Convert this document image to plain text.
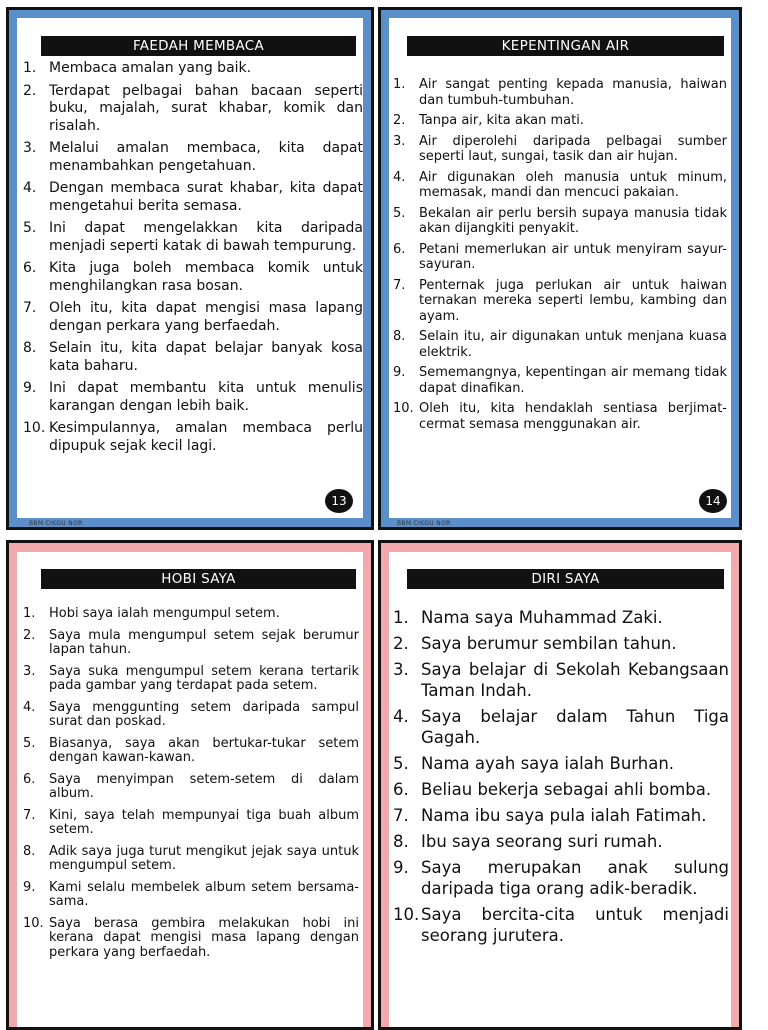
FAEDAH MEMBACA
1. Membaca amalan yang baik.
2. Terdapat pelbagai bahan bacaan seperti buku, majalah, surat khabar, komik dan risalah.
3. Melalui amalan membaca, kita dapat menambahkan pengetahuan.
4. Dengan membaca surat khabar, kita dapat mengetahui berita semasa.
5. Ini dapat mengelakkan kita daripada menjadi seperti katak di bawah tempurung.
6. Kita juga boleh membaca komik untuk menghilangkan rasa bosan.
7. Oleh itu, kita dapat mengisi masa lapang dengan perkara yang berfaedah.
8. Selain itu, kita dapat belajar banyak kosa kata baharu.
9. Ini dapat membantu kita untuk menulis karangan dengan lebih baik.
10. Kesimpulannya, amalan membaca perlu dipupuk sejak kecil lagi.
13
BBM CIKGU NOR
KEPENTINGAN AIR
1.	Air sangat penting kepada manusia, haiwan dan tumbuh-tumbuhan.
2.	Tanpa air, kita akan mati.
3.	Air diperolehi daripada pelbagai sumber seperti laut, sungai, tasik dan air hujan.
4.	Air digunakan oleh manusia untuk minum, memasak, mandi dan mencuci pakaian.
5.	Bekalan air perlu bersih supaya manusia tidak akan dijangkiti penyakit.
6.	Petani memerlukan air untuk menyiram sayur-sayuran.
7.	Penternak juga perlukan air untuk haiwan ternakan mereka seperti lembu, kambing dan ayam.
8.	Selain itu, air digunakan untuk menjana kuasa elektrik.
9.	Sememangnya, kepentingan air memang tidak dapat dinafikan.
10. Oleh itu, kita hendaklah sentiasa berjimat-cermat semasa menggunakan air.
14
BBM CIKGU NOR
HOBI SAYA
1.	Hobi saya ialah mengumpul setem.
2.	Saya mula mengumpul setem sejak berumur lapan tahun.
3.	Saya suka mengumpul setem kerana tertarik pada gambar yang terdapat pada setem.
4.	Saya menggunting setem daripada sampul surat dan poskad.
5.	Biasanya, saya akan bertukar-tukar setem dengan kawan-kawan.
6.	Saya menyimpan setem-setem di dalam album.
7.	Kini, saya telah mempunyai tiga buah album setem.
8.	Adik saya juga turut mengikut jejak saya untuk mengumpul setem.
9.	Kami selalu membelek album setem bersama-sama.
10. Saya berasa gembira melakukan hobi ini kerana dapat mengisi masa lapang dengan perkara yang berfaedah.
DIRI SAYA
1. Nama saya Muhammad Zaki.
2. Saya berumur sembilan tahun.
3. Saya belajar di Sekolah Kebangsaan Taman Indah.
4. Saya belajar dalam Tahun Tiga Gagah.
5. Nama ayah saya ialah Burhan.
6. Beliau bekerja sebagai ahli bomba.
7. Nama ibu saya pula ialah Fatimah.
8. Ibu saya seorang suri rumah.
9. Saya merupakan anak sulung daripada tiga orang adik-beradik.
10. Saya bercita-cita untuk menjadi seorang jurutera.
